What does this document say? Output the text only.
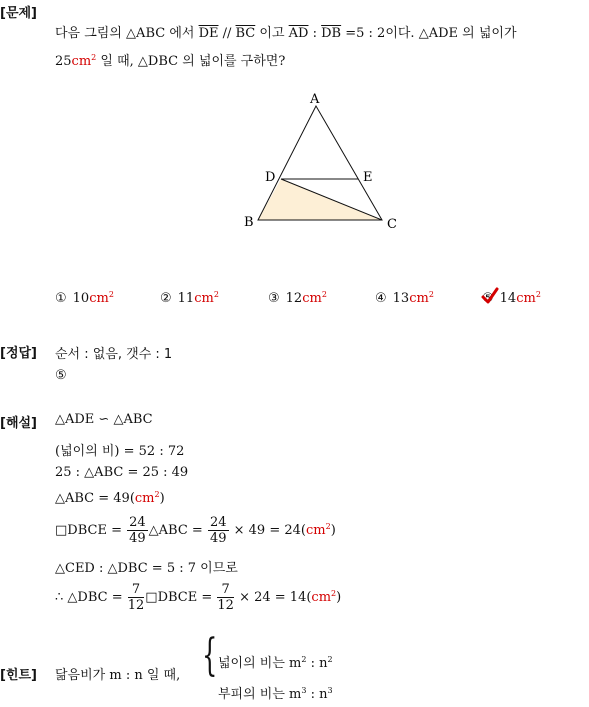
[문제]
다음 그림의 △ABC 에서 $\overline{DE} // \overline{BC}$ 이고 $\overline{AD}$ : $\overline{DB} =5$ : 2이다. △ADE 의 넓이가
$25cm^2$ 일 때, △DBC 의 넓이를 구하면?
A
D	E
B	C
① $10cm^2$	② $11cm^2$	③ $12cm^2$	④ $13cm^2$	⑤ $14cm^2$
[정답] 순서 : 없음, 갯수 : 1
⑤
[해설] △ADE ∽ △ABC
(넓이의 비) = 52 : 72
25 : △ABC = 25 : 49
△ABC = $49(cm^2)$
□DBCE = $\frac{24}{49}$ △ABC = $\frac{24}{49} \times 49 = 24(cm^2)$
△CED : △DBC = 5 : 7 이므로
∴ △DBC = $\frac{7}{12}$ □DBCE = $\frac{7}{12} \times 24 = 14(cm^2)$
[힌트] 닮음비가 m : n 일 때, { 넓이의 비는 $m^2$ : $n^2$
부피의 비는 $m^3$ : $n^3$
